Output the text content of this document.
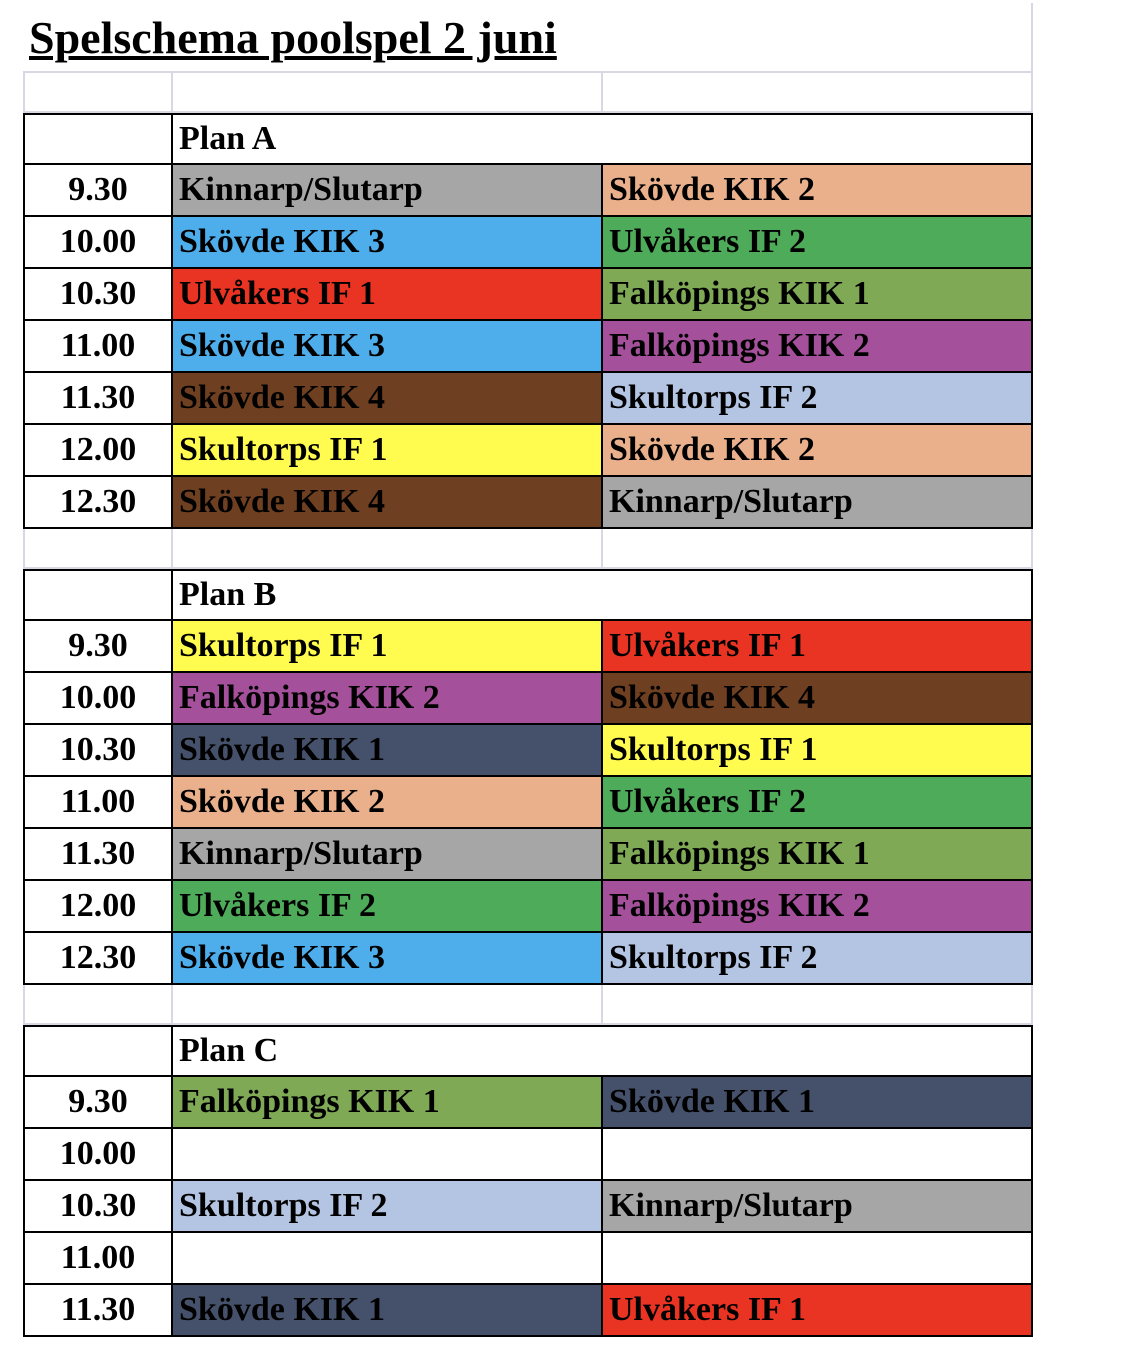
Spelschema poolspel 2 juni
Plan A
9.30	Kinnarp/Slutarp	Skövde KIK 2
10.00	Skövde KIK 3	Ulvåkers IF 2
10.30	Ulvåkers IF 1	Falköpings KIK 1
11.00	Skövde KIK 3	Falköpings KIK 2
11.30	Skövde KIK 4	Skultorps IF 2
12.00	Skultorps IF 1	Skövde KIK 2
12.30	Skövde KIK 4	Kinnarp/Slutarp
Plan B
9.30	Skultorps IF 1	Ulvåkers IF 1
10.00	Falköpings KIK 2	Skövde KIK 4
10.30	Skövde KIK 1	Skultorps IF 1
11.00	Skövde KIK 2	Ulvåkers IF 2
11.30	Kinnarp/Slutarp	Falköpings KIK 1
12.00	Ulvåkers IF 2	Falköpings KIK 2
12.30	Skövde KIK 3	Skultorps IF 2
Plan C
9.30	Falköpings KIK 1	Skövde KIK 1
10.00
10.30	Skultorps IF 2	Kinnarp/Slutarp
11.00
11.30	Skövde KIK 1	Ulvåkers IF 1
